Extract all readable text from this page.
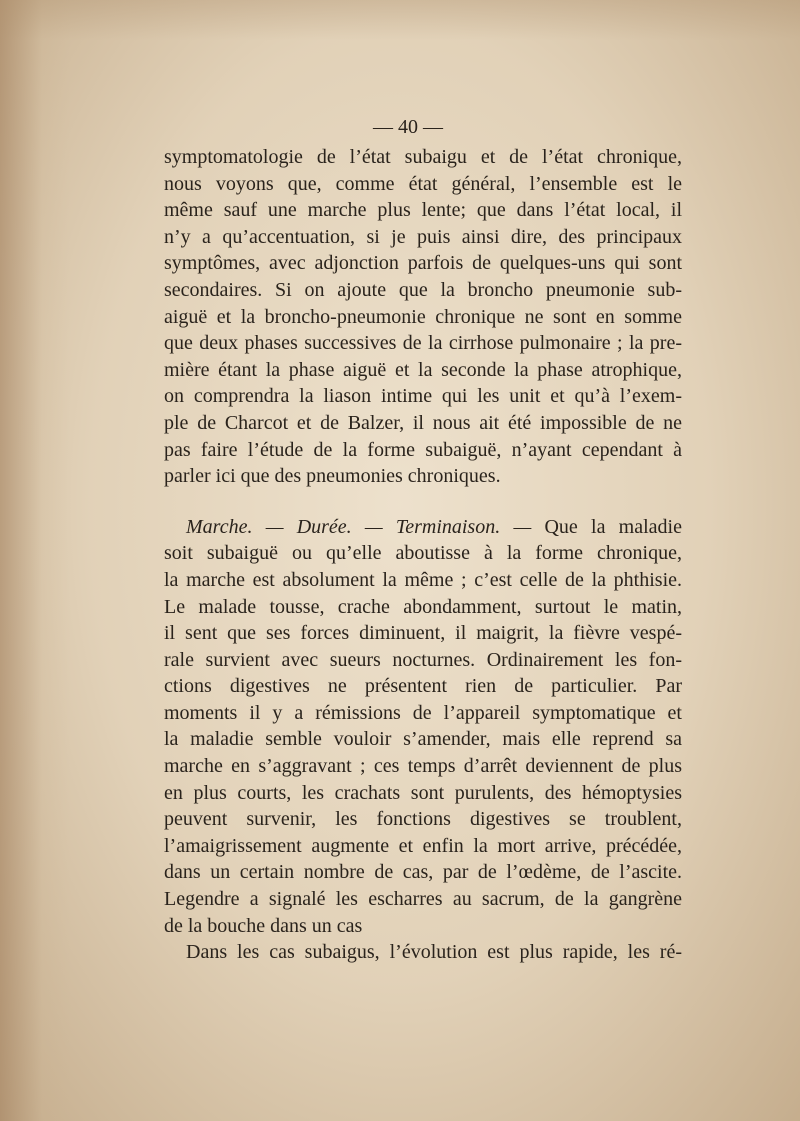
— 40 —
symptomatologie de l’état subaigu et de l’état chronique,
nous voyons que, comme état général, l’ensemble est le
même sauf une marche plus lente; que dans l’état local, il
n’y a qu’accentuation, si je puis ainsi dire, des principaux
symptômes, avec adjonction parfois de quelques-uns qui sont
secondaires. Si on ajoute que la broncho pneumonie sub-
aiguë et la broncho-pneumonie chronique ne sont en somme
que deux phases successives de la cirrhose pulmonaire ; la pre-
mière étant la phase aiguë et la seconde la phase atrophique,
on comprendra la liason intime qui les unit et qu’à l’exem-
ple de Charcot et de Balzer, il nous ait été impossible de ne
pas faire l’étude de la forme subaiguë, n’ayant cependant à
parler ici que des pneumonies chroniques.
Marche. — Durée. — Terminaison. — Que la maladie
soit subaiguë ou qu’elle aboutisse à la forme chronique,
la marche est absolument la même ; c’est celle de la phthisie.
Le malade tousse, crache abondamment, surtout le matin,
il sent que ses forces diminuent, il maigrit, la fièvre vespé-
rale survient avec sueurs nocturnes. Ordinairement les fon-
ctions digestives ne présentent rien de particulier. Par
moments il y a rémissions de l’appareil symptomatique et
la maladie semble vouloir s’amender, mais elle reprend sa
marche en s’aggravant ; ces temps d’arrêt deviennent de plus
en plus courts, les crachats sont purulents, des hémoptysies
peuvent survenir, les fonctions digestives se troublent,
l’amaigrissement augmente et enfin la mort arrive, précédée,
dans un certain nombre de cas, par de l’œdème, de l’ascite.
Legendre a signalé les escharres au sacrum, de la gangrène
de la bouche dans un cas
Dans les cas subaigus, l’évolution est plus rapide, les ré-
